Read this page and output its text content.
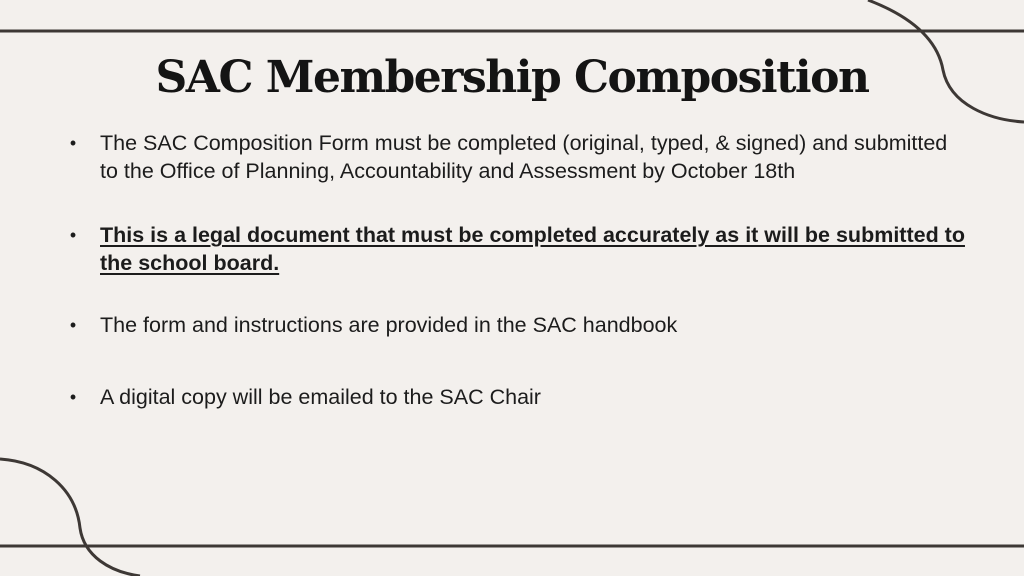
SAC Membership Composition
• The SAC Composition Form must be completed (original, typed, & signed) and submitted to the Office of Planning, Accountability and Assessment by October 18th
• This is a legal document that must be completed accurately as it will be submitted to the school board.
• The form and instructions are provided in the SAC handbook
• A digital copy will be emailed to the SAC Chair
